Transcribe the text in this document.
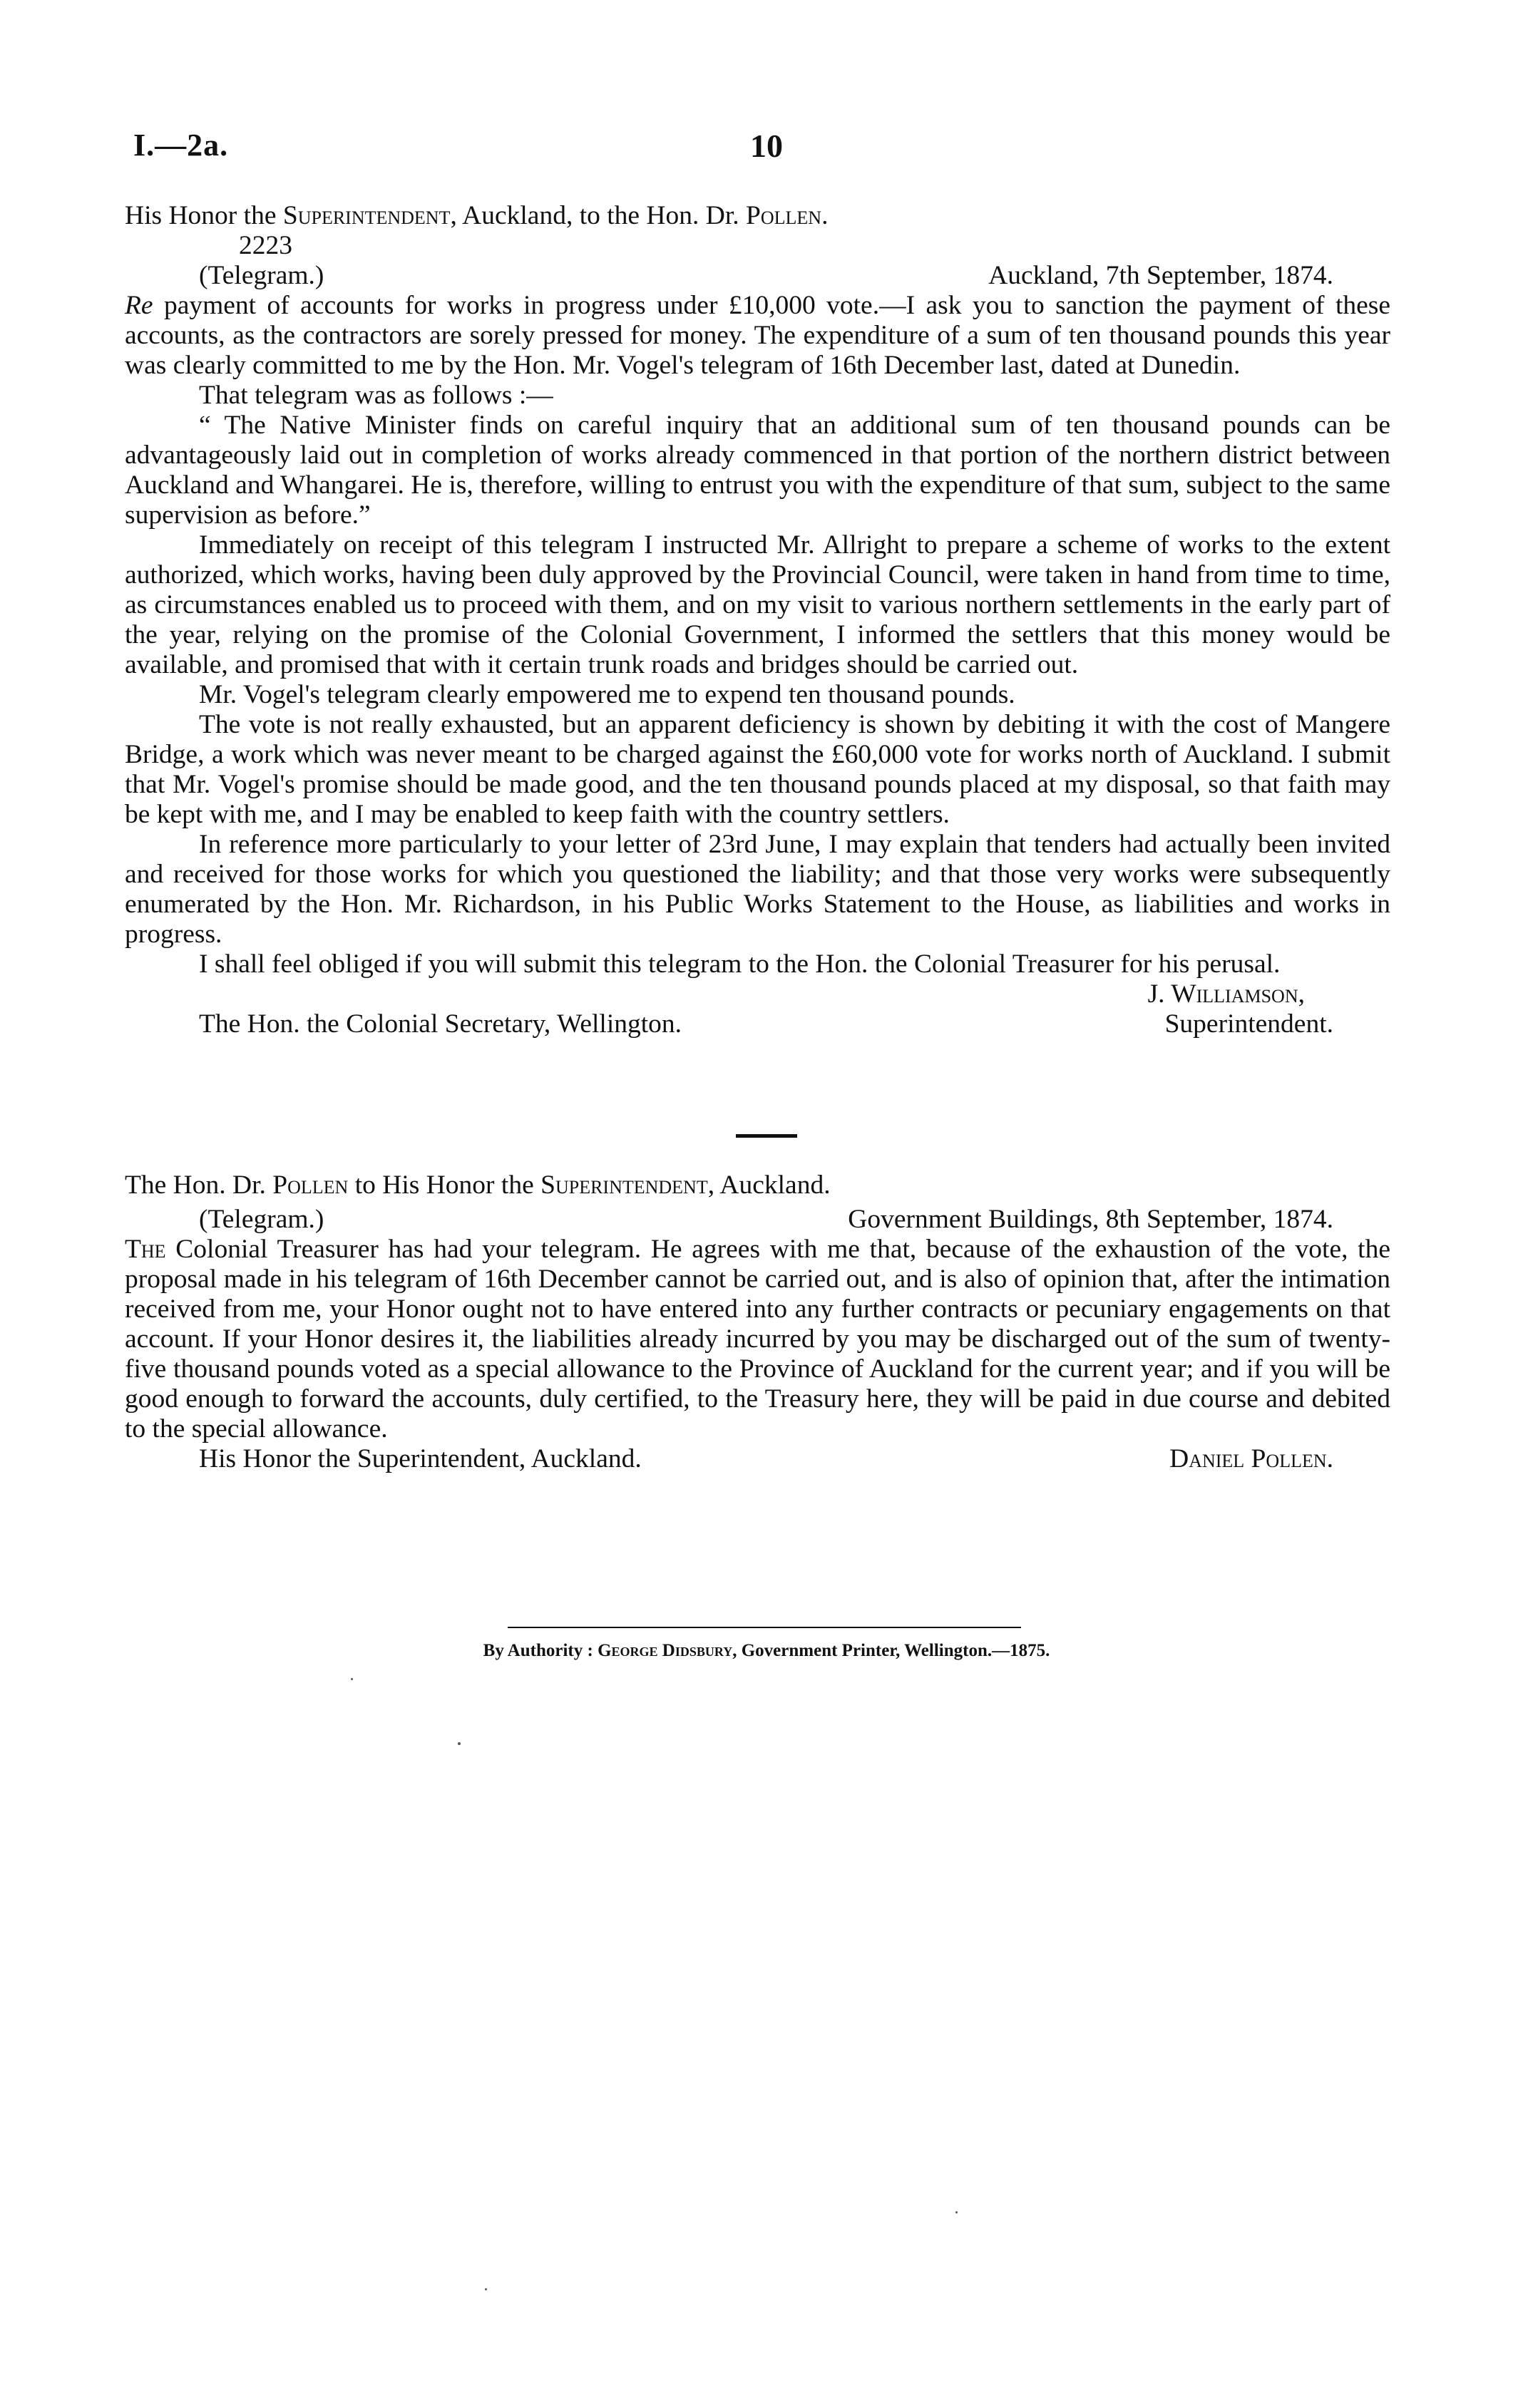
I.—2a.	10

His Honor the Superintendent, Auckland, to the Hon. Dr. Pollen.

2223
(Telegram.)	Auckland, 7th September, 1874.

Re payment of accounts for works in progress under £10,000 vote.—I ask you to sanction the payment of these accounts, as the contractors are sorely pressed for money. The expenditure of a sum of ten thousand pounds this year was clearly committed to me by the Hon. Mr. Vogel's telegram of 16th December last, dated at Dunedin.

That telegram was as follows :—

“ The Native Minister finds on careful inquiry that an additional sum of ten thousand pounds can be advantageously laid out in completion of works already commenced in that portion of the northern district between Auckland and Whangarei. He is, therefore, willing to entrust you with the expenditure of that sum, subject to the same supervision as before.”

Immediately on receipt of this telegram I instructed Mr. Allright to prepare a scheme of works to the extent authorized, which works, having been duly approved by the Provincial Council, were taken in hand from time to time, as circumstances enabled us to proceed with them, and on my visit to various northern settlements in the early part of the year, relying on the promise of the Colonial Government, I informed the settlers that this money would be available, and promised that with it certain trunk roads and bridges should be carried out.

Mr. Vogel's telegram clearly empowered me to expend ten thousand pounds.

The vote is not really exhausted, but an apparent deficiency is shown by debiting it with the cost of Mangere Bridge, a work which was never meant to be charged against the £60,000 vote for works north of Auckland. I submit that Mr. Vogel's promise should be made good, and the ten thousand pounds placed at my disposal, so that faith may be kept with me, and I may be enabled to keep faith with the country settlers.

In reference more particularly to your letter of 23rd June, I may explain that tenders had actually been invited and received for those works for which you questioned the liability; and that those very works were subsequently enumerated by the Hon. Mr. Richardson, in his Public Works Statement to the House, as liabilities and works in progress.

I shall feel obliged if you will submit this telegram to the Hon. the Colonial Treasurer for his perusal.

J. Williamson,
The Hon. the Colonial Secretary, Wellington.	Superintendent.

The Hon. Dr. Pollen to His Honor the Superintendent, Auckland.

(Telegram.)	Government Buildings, 8th September, 1874.

The Colonial Treasurer has had your telegram. He agrees with me that, because of the exhaustion of the vote, the proposal made in his telegram of 16th December cannot be carried out, and is also of opinion that, after the intimation received from me, your Honor ought not to have entered into any further contracts or pecuniary engagements on that account. If your Honor desires it, the liabilities already incurred by you may be discharged out of the sum of twenty-five thousand pounds voted as a special allowance to the Province of Auckland for the current year; and if you will be good enough to forward the accounts, duly certified, to the Treasury here, they will be paid in due course and debited to the special allowance.

His Honor the Superintendent, Auckland.	Daniel Pollen.
By Authority : George Didsbury, Government Printer, Wellington.—1875.
